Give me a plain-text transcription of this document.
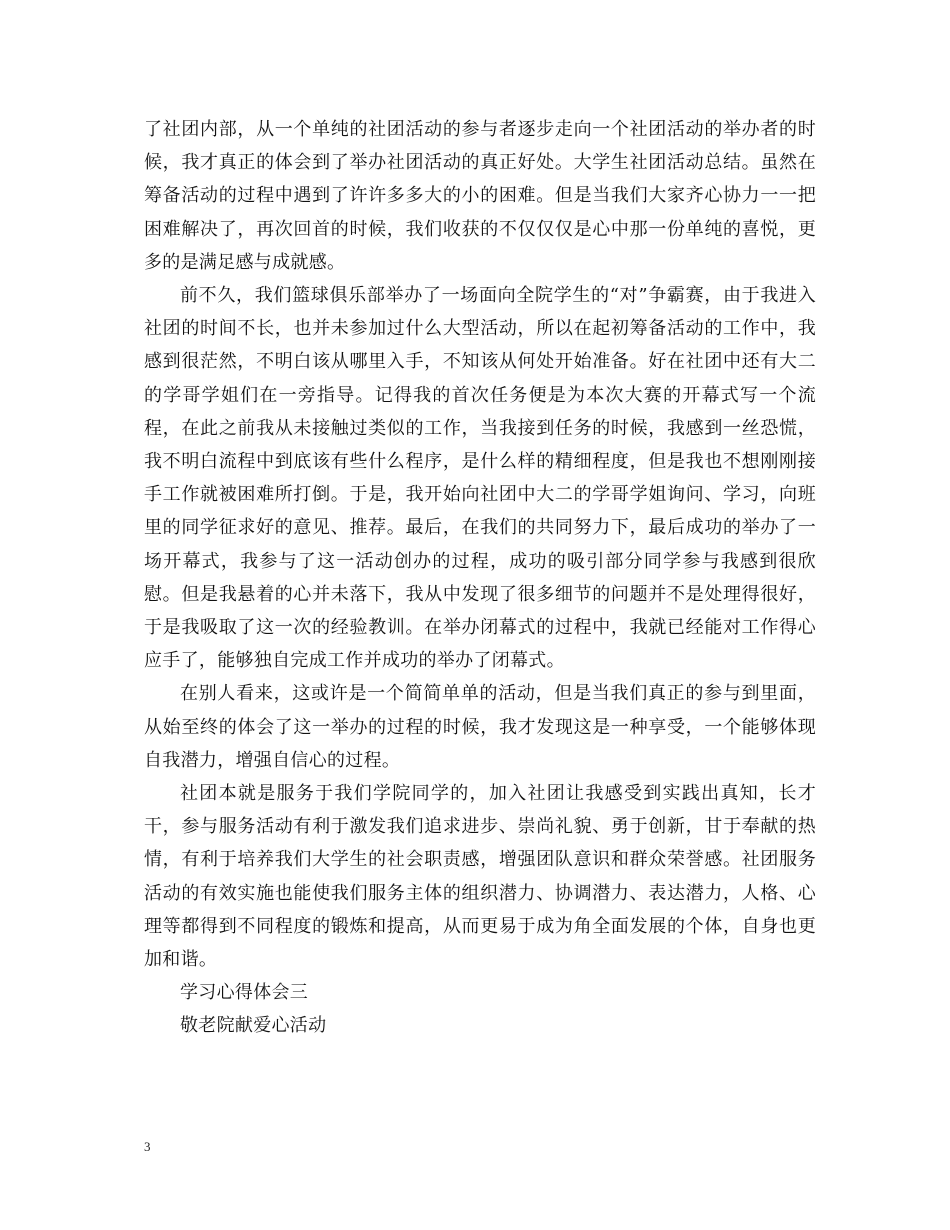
了社团内部，从一个单纯的社团活动的参与者逐步走向一个社团活动的举办者的时候，我才真正的体会到了举办社团活动的真正好处。大学生社团活动总结。虽然在筹备活动的过程中遇到了许许多多大的小的困难。但是当我们大家齐心协力一一把困难解决了，再次回首的时候，我们收获的不仅仅仅是心中那一份单纯的喜悦，更多的是满足感与成就感。

前不久，我们篮球俱乐部举办了一场面向全院学生的“对”争霸赛，由于我进入社团的时间不长，也并未参加过什么大型活动，所以在起初筹备活动的工作中，我感到很茫然，不明白该从哪里入手，不知该从何处开始准备。好在社团中还有大二的学哥学姐们在一旁指导。记得我的首次任务便是为本次大赛的开幕式写一个流程，在此之前我从未接触过类似的工作，当我接到任务的时候，我感到一丝恐慌，我不明白流程中到底该有些什么程序，是什么样的精细程度，但是我也不想刚刚接手工作就被困难所打倒。于是，我开始向社团中大二的学哥学姐询问、学习，向班里的同学征求好的意见、推荐。最后，在我们的共同努力下，最后成功的举办了一场开幕式，我参与了这一活动创办的过程，成功的吸引部分同学参与我感到很欣慰。但是我悬着的心并未落下，我从中发现了很多细节的问题并不是处理得很好，于是我吸取了这一次的经验教训。在举办闭幕式的过程中，我就已经能对工作得心应手了，能够独自完成工作并成功的举办了闭幕式。

在别人看来，这或许是一个简简单单的活动，但是当我们真正的参与到里面，从始至终的体会了这一举办的过程的时候，我才发现这是一种享受，一个能够体现自我潜力，增强自信心的过程。

社团本就是服务于我们学院同学的，加入社团让我感受到实践出真知，长才干，参与服务活动有利于激发我们追求进步、崇尚礼貌、勇于创新，甘于奉献的热情，有利于培养我们大学生的社会职责感，增强团队意识和群众荣誉感。社团服务活动的有效实施也能使我们服务主体的组织潜力、协调潜力、表达潜力，人格、心理等都得到不同程度的锻炼和提高，从而更易于成为角全面发展的个体，自身也更加和谐。

学习心得体会三

敬老院献爱心活动

3
